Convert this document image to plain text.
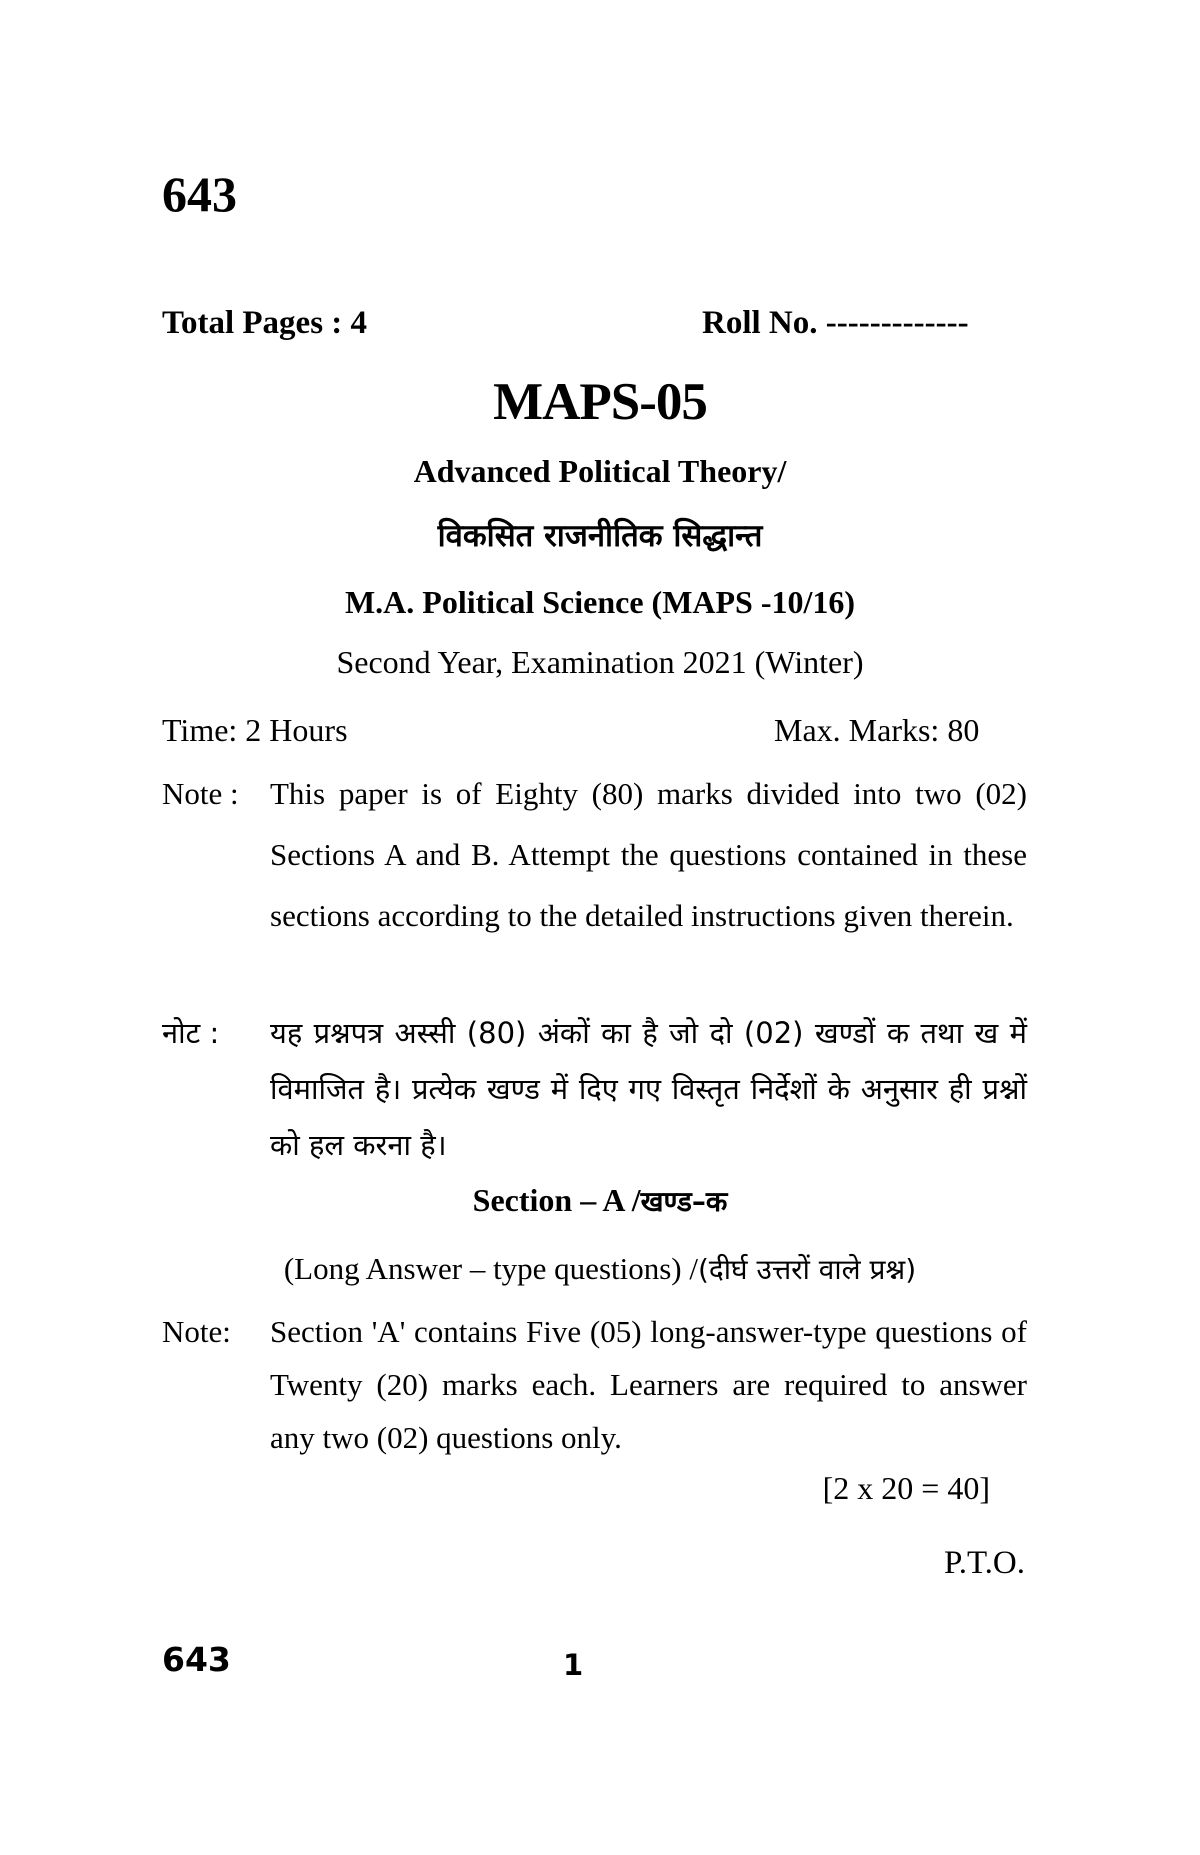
643
Total Pages : 4	Roll No. -------------
MAPS-05
Advanced Political Theory/
विकसित राजनीतिक सिद्धान्त
M.A. Political Science (MAPS -10/16)
Second Year, Examination 2021 (Winter)
Time: 2 Hours	Max. Marks: 80
Note : This paper is of Eighty (80) marks divided into two (02) Sections A and B. Attempt the questions contained in these sections according to the detailed instructions given therein.
नोट : यह प्रश्नपत्र अस्सी (80) अंकों का है जो दो (02) खण्डों क तथा ख में विमाजित है। प्रत्येक खण्ड में दिए गए विस्तृत निर्देशों के अनुसार ही प्रश्नों को हल करना है।
Section – A /खण्ड–क
(Long Answer – type questions) /(दीर्घ उत्तरों वाले प्रश्न)
Note: Section 'A' contains Five (05) long-answer-type questions of Twenty (20) marks each. Learners are required to answer any two (02) questions only.
[2 x 20 = 40]
P.T.O.
643	1
